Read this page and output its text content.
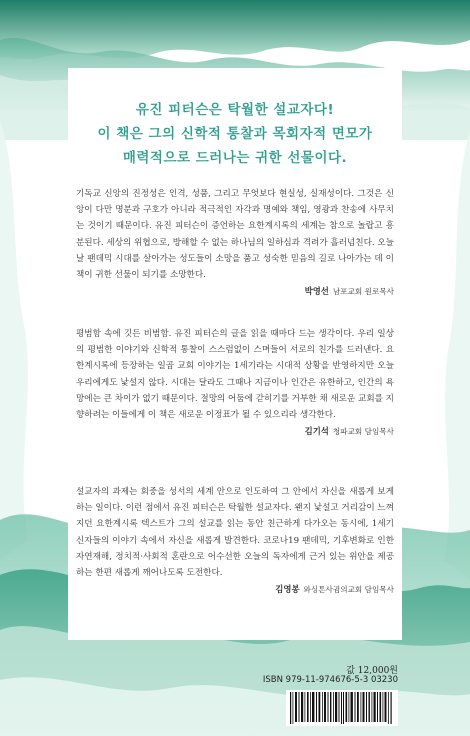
유진 피터슨은 탁월한 설교자다!
이 책은 그의 신학적 통찰과 목회자적 면모가
매력적으로 드러나는 귀한 선물이다.

기독교 신앙의 진정성은 인격, 성품, 그리고 무엇보다 현실성, 실재성이다. 그것은 신앙이 다만 명분과 구호가 아니라 적극적인 자각과 명예와 책임, 영광과 찬송에 사무치는 것이기 때문이다. 유진 피터슨이 증언하는 요한계시록의 세계는 참으로 놀랍고 흥분된다. 세상의 위협으로, 방해할 수 없는 하나님의 일하심과 격려가 흘러넘친다. 오늘날 팬데믹 시대를 살아가는 성도들이 소망을 품고 성숙한 믿음의 길로 나아가는 데 이 책이 귀한 선물이 되기를 소망한다.

박영선 남포교회 원로목사

평범함 속에 깃든 비범함. 유진 피터슨의 글을 읽을 때마다 드는 생각이다. 우리 일상의 평범한 이야기와 신학적 통찰이 스스럼없이 스며들어 서로의 친가를 드러낸다. 요한계시록에 등장하는 일곱 교회 이야기는 1세기라는 시대적 상황을 반영하지만 오늘 우리에게도 낯설지 않다. 시대는 달라도 그때나 지금이나 인간은 유한하고, 인간의 욕망에는 큰 차이가 없기 때문이다. 절망의 어둠에 갇히기를 거부한 채 새로운 교회를 지향하려는 이들에게 이 책은 새로운 이정표가 될 수 있으리라 생각한다.

김기석 청파교회 담임목사

설교자의 과제는 회중을 성서의 세계 안으로 인도하여 그 안에서 자신을 새롭게 보게 하는 일이다. 이런 점에서 유진 피터슨은 탁월한 설교자다. 왠지 낯설고 거리감이 느껴지던 요한계시록 텍스트가 그의 설교를 읽는 동안 친근하게 다가오는 동시에, 1세기 신자들의 이야기 속에서 자신을 새롭게 발견한다. 코로나19 팬데믹, 기후변화로 인한 자연재해, 정치적·사회적 혼란으로 어수선한 오늘의 독자에게 근거 있는 위안을 제공하는 한편 새롭게 깨어나도록 도전한다.

김영봉 와싱톤사귐의교회 담임목사
값 12,000원
ISBN 979-11-974676-5-3 03230
